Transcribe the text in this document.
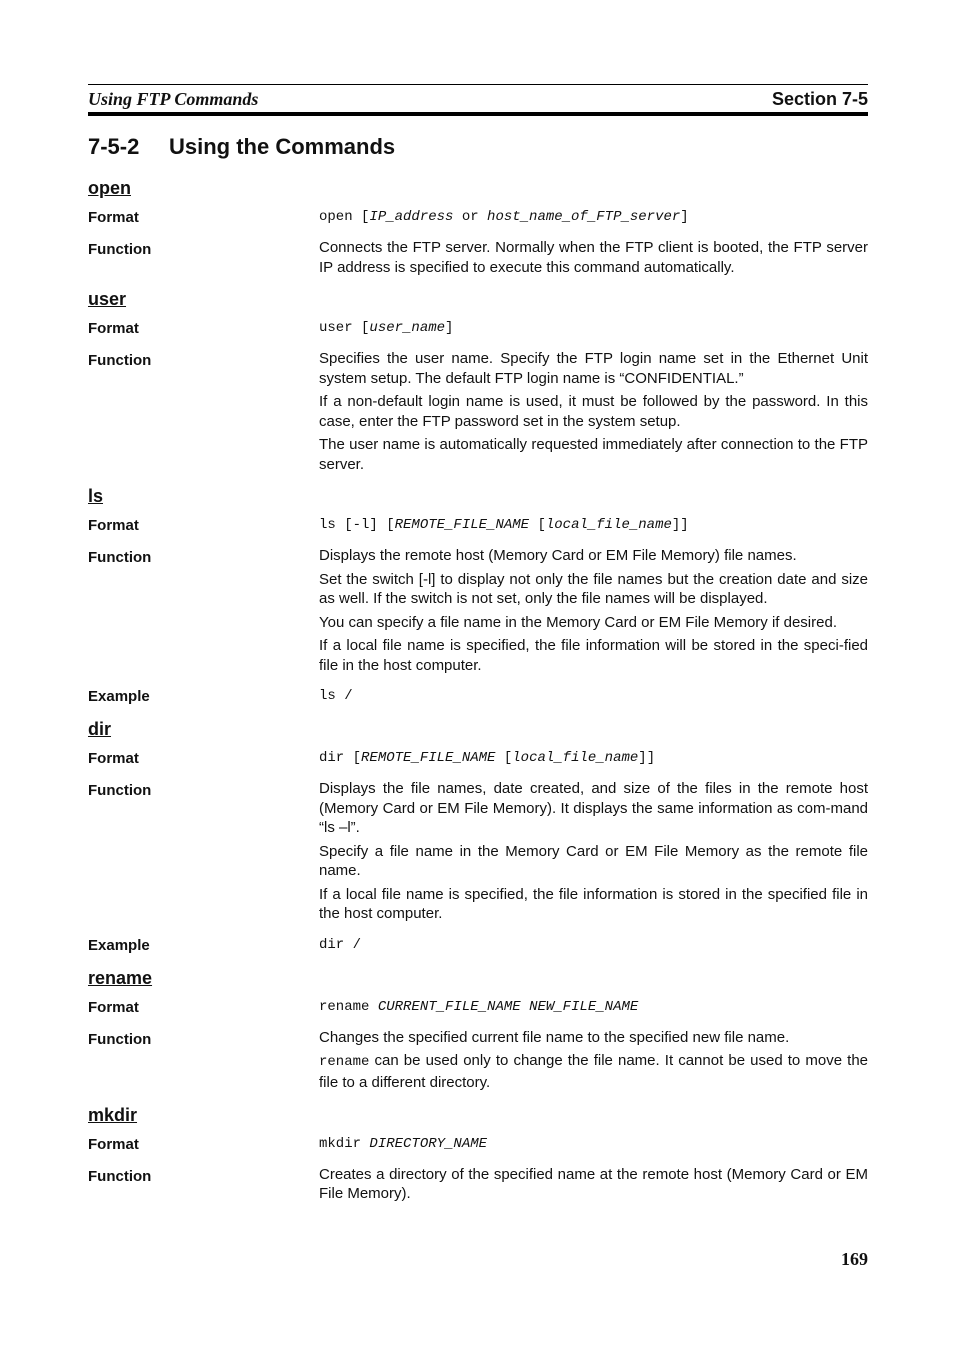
Using FTP Commands	Section 7-5
7-5-2 Using the Commands
open
Format	open [IP_address or host_name_of_FTP_server]
Function	Connects the FTP server. Normally when the FTP client is booted, the FTP server IP address is specified to execute this command automatically.

user
Format	user [user_name]
Function	Specifies the user name. Specify the FTP login name set in the Ethernet Unit system setup. The default FTP login name is “CONFIDENTIAL.”

If a non-default login name is used, it must be followed by the password. In this case, enter the FTP password set in the system setup.

The user name is automatically requested immediately after connection to the FTP server.

ls
Format	ls [-l] [REMOTE_FILE_NAME [local_file_name]]
Function	Displays the remote host (Memory Card or EM File Memory) file names.

Set the switch [-l] to display not only the file names but the creation date and size as well. If the switch is not set, only the file names will be displayed.

You can specify a file name in the Memory Card or EM File Memory if desired.

If a local file name is specified, the file information will be stored in the speci-fied file in the host computer.

Example	ls /
dir
Format	dir [REMOTE_FILE_NAME [local_file_name]]
Function	Displays the file names, date created, and size of the files in the remote host (Memory Card or EM File Memory). It displays the same information as com-mand “ls –l”.

Specify a file name in the Memory Card or EM File Memory as the remote file name.

If a local file name is specified, the file information is stored in the specified file in the host computer.

Example	dir /
rename
Format	rename CURRENT_FILE_NAME NEW_FILE_NAME
Function	Changes the specified current file name to the specified new file name.

rename can be used only to change the file name. It cannot be used to move the file to a different directory.

mkdir
Format	mkdir DIRECTORY_NAME
Function	Creates a directory of the specified name at the remote host (Memory Card or EM File Memory).

169
